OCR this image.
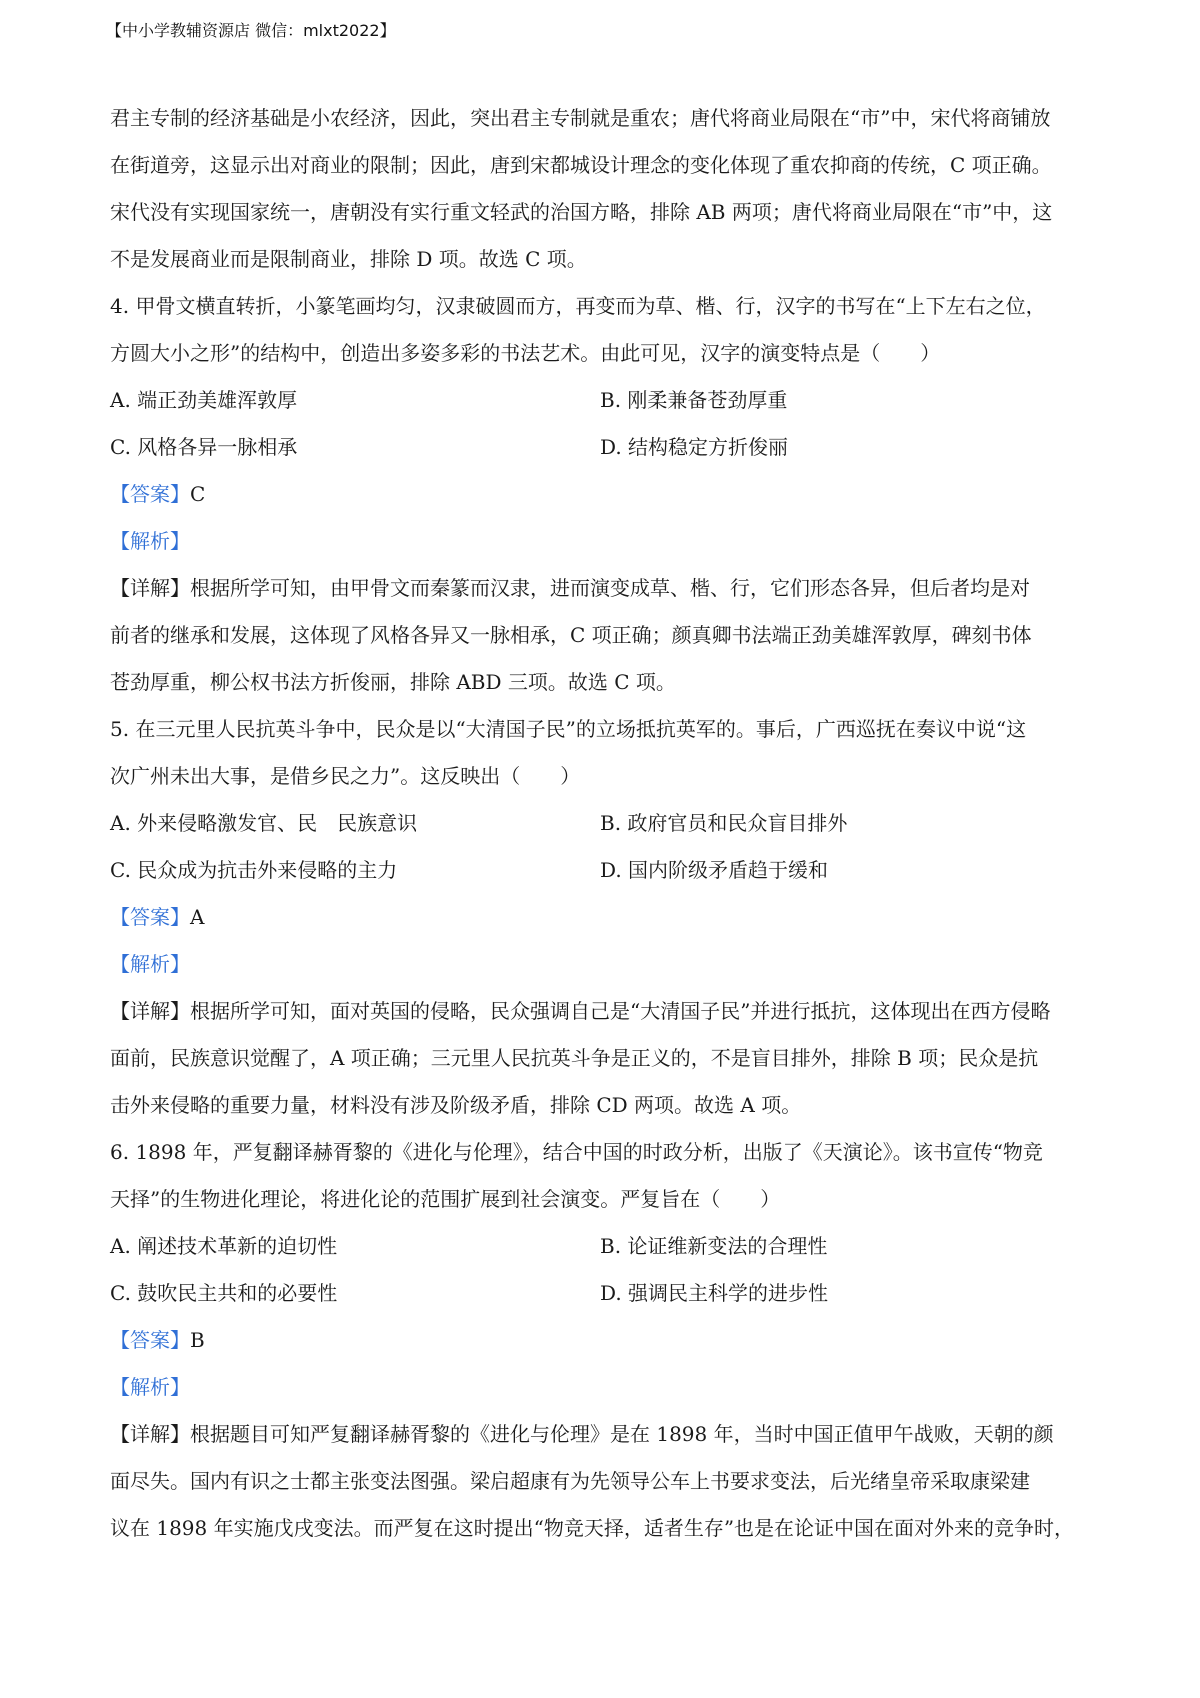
【中小学教辅资源店 微信：mlxt2022】
君主专制的经济基础是小农经济，因此，突出君主专制就是重农；唐代将商业局限在“市”中，宋代将商铺放
在街道旁，这显示出对商业的限制；因此，唐到宋都城设计理念的变化体现了重农抑商的传统，C 项正确。
宋代没有实现国家统一，唐朝没有实行重文轻武的治国方略，排除 AB 两项；唐代将商业局限在“市”中，这
不是发展商业而是限制商业，排除 D 项。故选 C 项。
4. 甲骨文横直转折，小篆笔画均匀，汉隶破圆而方，再变而为草、楷、行，汉字的书写在“上下左右之位，
方圆大小之形”的结构中，创造出多姿多彩的书法艺术。由此可见，汉字的演变特点是（　　）
A. 端正劲美雄浑敦厚	B. 刚柔兼备苍劲厚重
C. 风格各异一脉相承	D. 结构稳定方折俊丽
【答案】C
【解析】
【详解】根据所学可知，由甲骨文而秦篆而汉隶，进而演变成草、楷、行，它们形态各异，但后者均是对
前者的继承和发展，这体现了风格各异又一脉相承，C 项正确；颜真卿书法端正劲美雄浑敦厚，碑刻书体
苍劲厚重，柳公权书法方折俊丽，排除 ABD 三项。故选 C 项。
5. 在三元里人民抗英斗争中，民众是以“大清国子民”的立场抵抗英军的。事后，广西巡抚在奏议中说“这
次广州未出大事，是借乡民之力”。这反映出（　　）
A. 外来侵略激发官、民　民族意识	B. 政府官员和民众盲目排外
C. 民众成为抗击外来侵略的主力	D. 国内阶级矛盾趋于缓和
【答案】A
【解析】
【详解】根据所学可知，面对英国的侵略，民众强调自己是“大清国子民”并进行抵抗，这体现出在西方侵略
面前，民族意识觉醒了，A 项正确；三元里人民抗英斗争是正义的，不是盲目排外，排除 B 项；民众是抗
击外来侵略的重要力量，材料没有涉及阶级矛盾，排除 CD 两项。故选 A 项。
6. 1898 年，严复翻译赫胥黎的《进化与伦理》，结合中国的时政分析，出版了《天演论》。该书宣传“物竞
天择”的生物进化理论，将进化论的范围扩展到社会演变。严复旨在（　　）
A. 阐述技术革新的迫切性	B. 论证维新变法的合理性
C. 鼓吹民主共和的必要性	D. 强调民主科学的进步性
【答案】B
【解析】
【详解】根据题目可知严复翻译赫胥黎的《进化与伦理》是在 1898 年，当时中国正值甲午战败，天朝的颜
面尽失。国内有识之士都主张变法图强。梁启超康有为先领导公车上书要求变法，后光绪皇帝采取康梁建
议在 1898 年实施戊戌变法。而严复在这时提出“物竞天择，适者生存”也是在论证中国在面对外来的竞争时，
